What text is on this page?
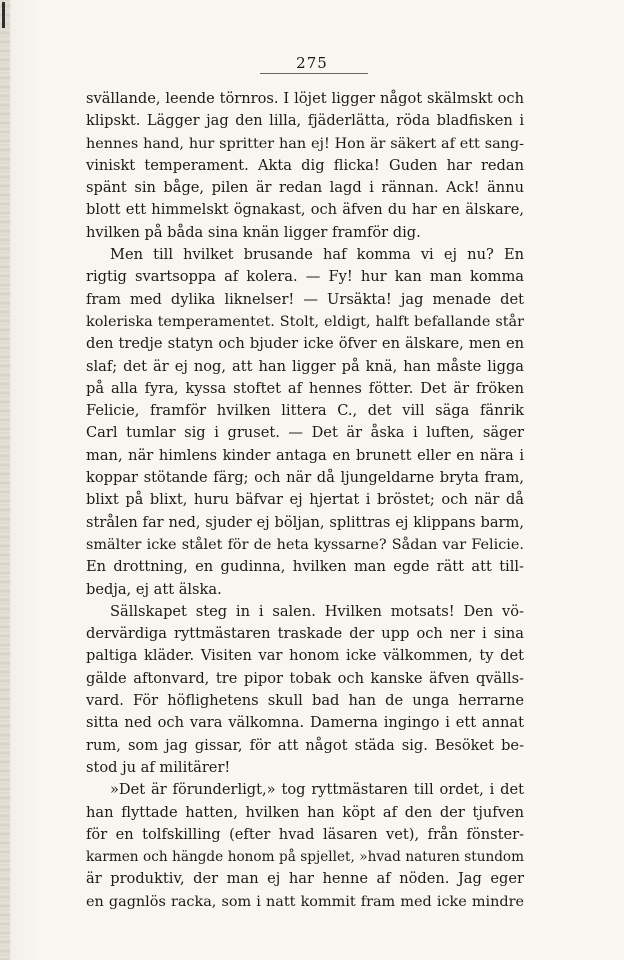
275
svällande, leende törnros. I löjet ligger något skälmskt och
klipskt. Lägger jag den lilla, fjäderlätta, röda bladfisken i
hennes hand, hur spritter han ej! Hon är säkert af ett sang-
viniskt temperament. Akta dig flicka! Guden har redan
spänt sin båge, pilen är redan lagd i rännan. Ack! ännu
blott ett himmelskt ögnakast, och äfven du har en älskare,
hvilken på båda sina knän ligger framför dig.
Men till hvilket brusande haf komma vi ej nu? En
rigtig svartsoppa af kolera. — Fy! hur kan man komma
fram med dylika liknelser! — Ursäkta! jag menade det
koleriska temperamentet. Stolt, eldigt, halft befallande står
den tredje statyn och bjuder icke öfver en älskare, men en
slaf; det är ej nog, att han ligger på knä, han måste ligga
på alla fyra, kyssa stoftet af hennes fötter. Det är fröken
Felicie, framför hvilken littera C., det vill säga fänrik
Carl tumlar sig i gruset. — Det är åska i luften, säger
man, när himlens kinder antaga en brunett eller en nära i
koppar stötande färg; och när då ljungeldarne bryta fram,
blixt på blixt, huru bäfvar ej hjertat i bröstet; och när då
strålen far ned, sjuder ej böljan, splittras ej klippans barm,
smälter icke stålet för de heta kyssarne? Sådan var Felicie.
En drottning, en gudinna, hvilken man egde rätt att till-
bedja, ej att älska.
Sällskapet steg in i salen. Hvilken motsats! Den vö-
dervärdiga ryttmästaren traskade der upp och ner i sina
paltiga kläder. Visiten var honom icke välkommen, ty det
gälde aftonvard, tre pipor tobak och kanske äfven qvälls-
vard. För höflighetens skull bad han de unga herrarne
sitta ned och vara välkomna. Damerna ingingo i ett annat
rum, som jag gissar, för att något städa sig. Besöket be-
stod ju af militärer!
»Det är förunderligt,» tog ryttmästaren till ordet, i det
han flyttade hatten, hvilken han köpt af den der tjufven
för en tolfskilling (efter hvad läsaren vet), från fönster-
karmen och hängde honom på spjellet, »hvad naturen stundom
är produktiv, der man ej har henne af nöden. Jag eger
en gagnlös racka, som i natt kommit fram med icke mindre
